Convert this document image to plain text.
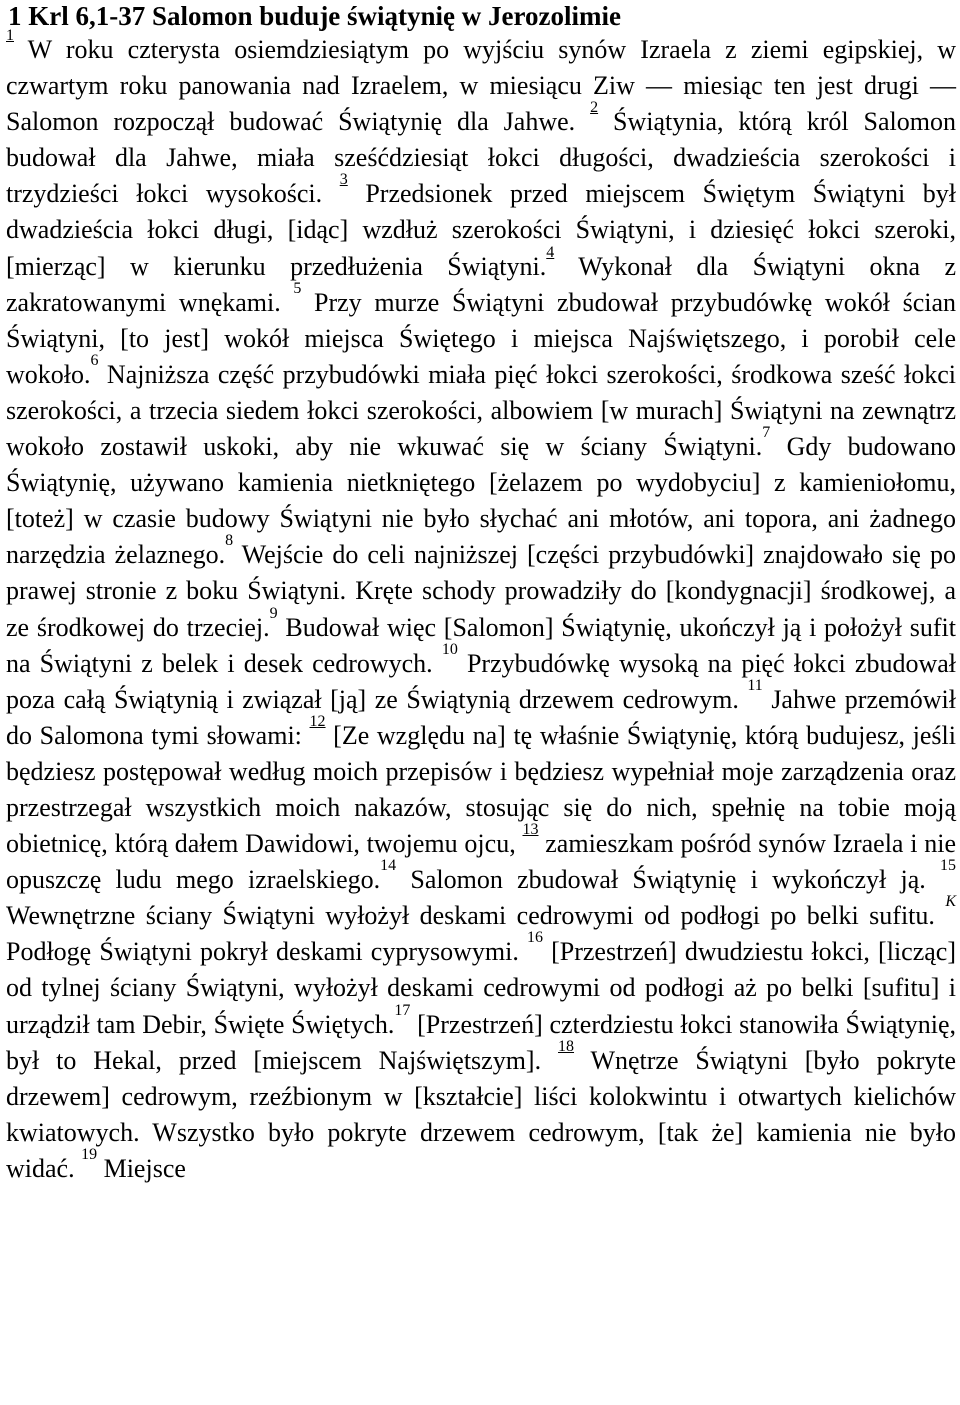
1 Krl 6,1-37 Salomon buduje świątynię w Jerozolimie

$^1$ W roku czterysta osiemdziesiątym po wyjściu synów Izraela z ziemi egipskiej, w czwartym roku panowania nad Izraelem, w miesiącu Ziw — miesiąc ten jest drugi — Salomon rozpoczął budować Świątynię dla Jahwe. $^2$ Świątynia, którą król Salomon budował dla Jahwe, miała sześćdziesiąt łokci długości, dwadzieścia szerokości i trzydzieści łokci wysokości. $^3$ Przedsionek przed miejscem Świętym Świątyni był dwadzieścia łokci długi, [idąc] wzdłuż szerokości Świątyni, i dziesięć łokci szeroki, [mierząc] w kierunku przedłużenia Świątyni.$^4$ Wykonał dla Świątyni okna z zakratowanymi wnękami. $^5$ Przy murze Świątyni zbudował przybudówkę wokół ścian Świątyni, [to jest] wokół miejsca Świętego i miejsca Najświętszego, i porobił cele wokoło.$^6$ Najniższa część przybudówki miała pięć łokci szerokości, środkowa sześć łokci szerokości, a trzecia siedem łokci szerokości, albowiem [w murach] Świątyni na zewnątrz wokoło zostawił uskoki, aby nie wkuwać się w ściany Świątyni.$^7$ Gdy budowano Świątynię, używano kamienia nietkniętego [żelazem po wydobyciu] z kamieniołomu, [toteż] w czasie budowy Świątyni nie było słychać ani młotów, ani topora, ani żadnego narzędzia żelaznego.$^8$ Wejście do celi najniższej [części przybudówki] znajdowało się po prawej stronie z boku Świątyni. Kręte schody prowadziły do [kondygnacji] środkowej, a ze środkowej do trzeciej.$^9$ Budował więc [Salomon] Świątynię, ukończył ją i położył sufit na Świątyni z belek i desek cedrowych. $^{10}$ Przybudówkę wysoką na pięć łokci zbudował poza całą Świątynią i związał [ją] ze Świątynią drzewem cedrowym. $^{11}$ Jahwe przemówił do Salomona tymi słowami: $^{12}$ [Ze względu na] tę właśnie Świątynię, którą budujesz, jeśli będziesz postępował według moich przepisów i będziesz wypełniał moje zarządzenia oraz przestrzegał wszystkich moich nakazów, stosując się do nich, spełnię na tobie moją obietnicę, którą dałem Dawidowi, twojemu ojcu, $^{13}$ zamieszkam pośród synów Izraela i nie opuszczę ludu mego izraelskiego.$^{14}$ Salomon zbudował Świątynię i wykończył ją. $^{15}$ Wewnętrzne ściany Świątyni wyłożył deskami cedrowymi od podłogi po belki sufitu. $^K$ Podłogę Świątyni pokrył deskami cyprysowymi. $^{16}$ [Przestrzeń] dwudziestu łokci, [licząc] od tylnej ściany Świątyni, wyłożył deskami cedrowymi od podłogi aż po belki [sufitu] i urządził tam Debir, Święte Świętych.$^{17}$ [Przestrzeń] czterdziestu łokci stanowiła Świątynię, był to Hekal, przed [miejscem Najświętszym]. $^{18}$ Wnętrze Świątyni [było pokryte drzewem] cedrowym, rzeźbionym w [kształcie] liści kolokwintu i otwartych kielichów kwiatowych. Wszystko było pokryte drzewem cedrowym, [tak że] kamienia nie było widać. $^{19}$ Miejsce
